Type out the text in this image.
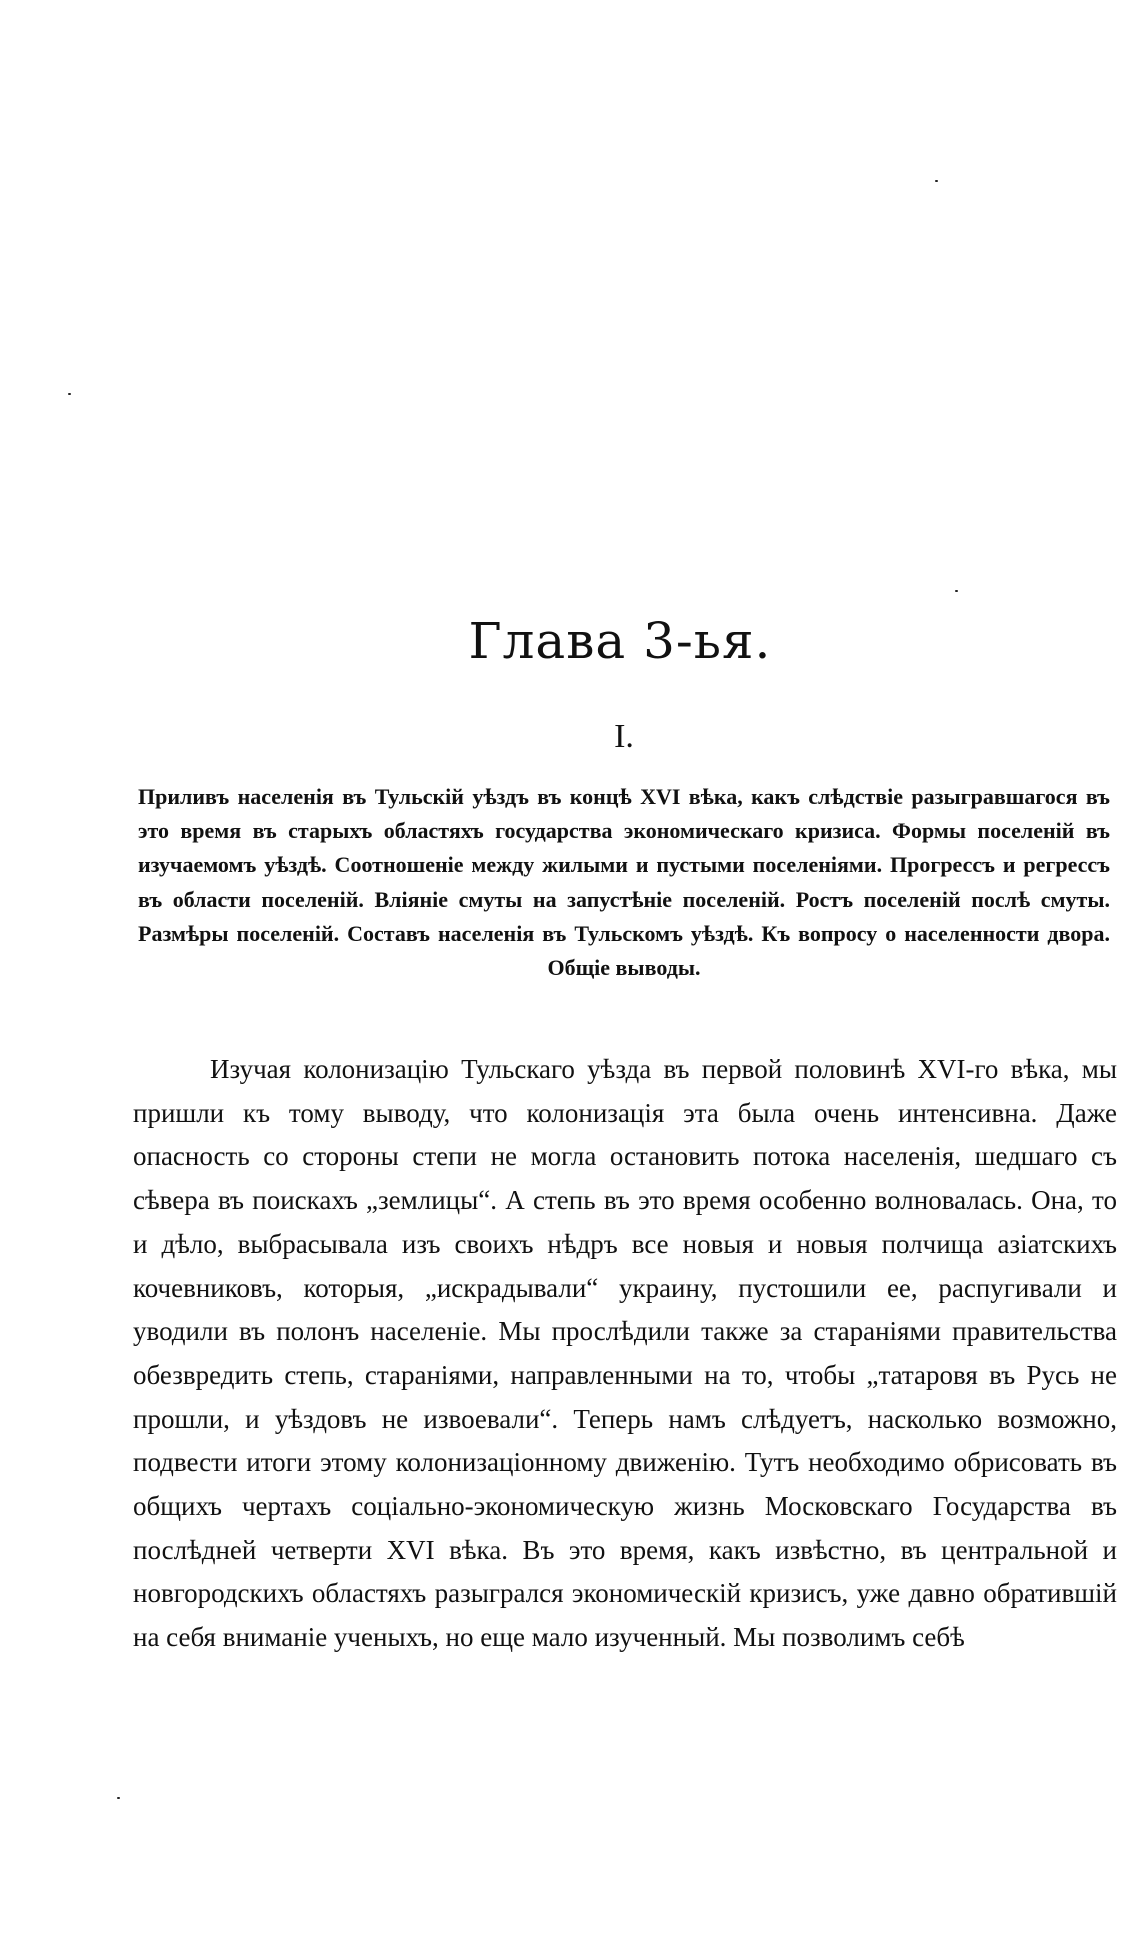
Глава 3-ья.
I.

Приливъ населенія въ Тульскій уѣздъ въ концѣ XVI вѣка, какъ слѣдствіе разыгравшагося въ это время въ старыхъ областяхъ государства экономическаго кризиса. Формы поселеній въ изучаемомъ уѣздѣ. Соотношеніе между жилыми и пустыми поселеніями. Прогрессъ и регрессъ въ области поселеній. Вліяніе смуты на запустѣніе поселеній. Ростъ поселеній послѣ смуты. Размѣры поселеній. Составъ населенія въ Тульскомъ уѣздѣ. Къ вопросу о населенности двора. Общіе выводы.

Изучая колонизацію Тульскаго уѣзда въ первой половинѣ XVI-го вѣка, мы пришли къ тому выводу, что колонизація эта была очень интенсивна. Даже опасность со стороны степи не могла остановить потока населенія, шедшаго съ сѣвера въ поискахъ „землицы“. А степь въ это время особенно волновалась. Она, то и дѣло, выбрасывала изъ своихъ нѣдръ все новыя и новыя полчища азіатскихъ кочевниковъ, которыя, „искрадывали“ украину, пустошили ее, распугивали и уводили въ полонъ населеніе. Мы прослѣдили также за стараніями правительства обезвредить степь, стараніями, направленными на то, чтобы „татаровя въ Русь не прошли, и уѣздовъ не извоевали“. Теперь намъ слѣдуетъ, насколько возможно, подвести итоги этому колонизаціонному движенію. Тутъ необходимо обрисовать въ общихъ чертахъ соціально-экономическую жизнь Московскаго Государства въ послѣдней четверти XVI вѣка. Въ это время, какъ извѣстно, въ центральной и новгородскихъ областяхъ разыгрался экономическій кризисъ, уже давно обратившій на себя вниманіе ученыхъ, но еще мало изученный. Мы позволимъ себѣ
